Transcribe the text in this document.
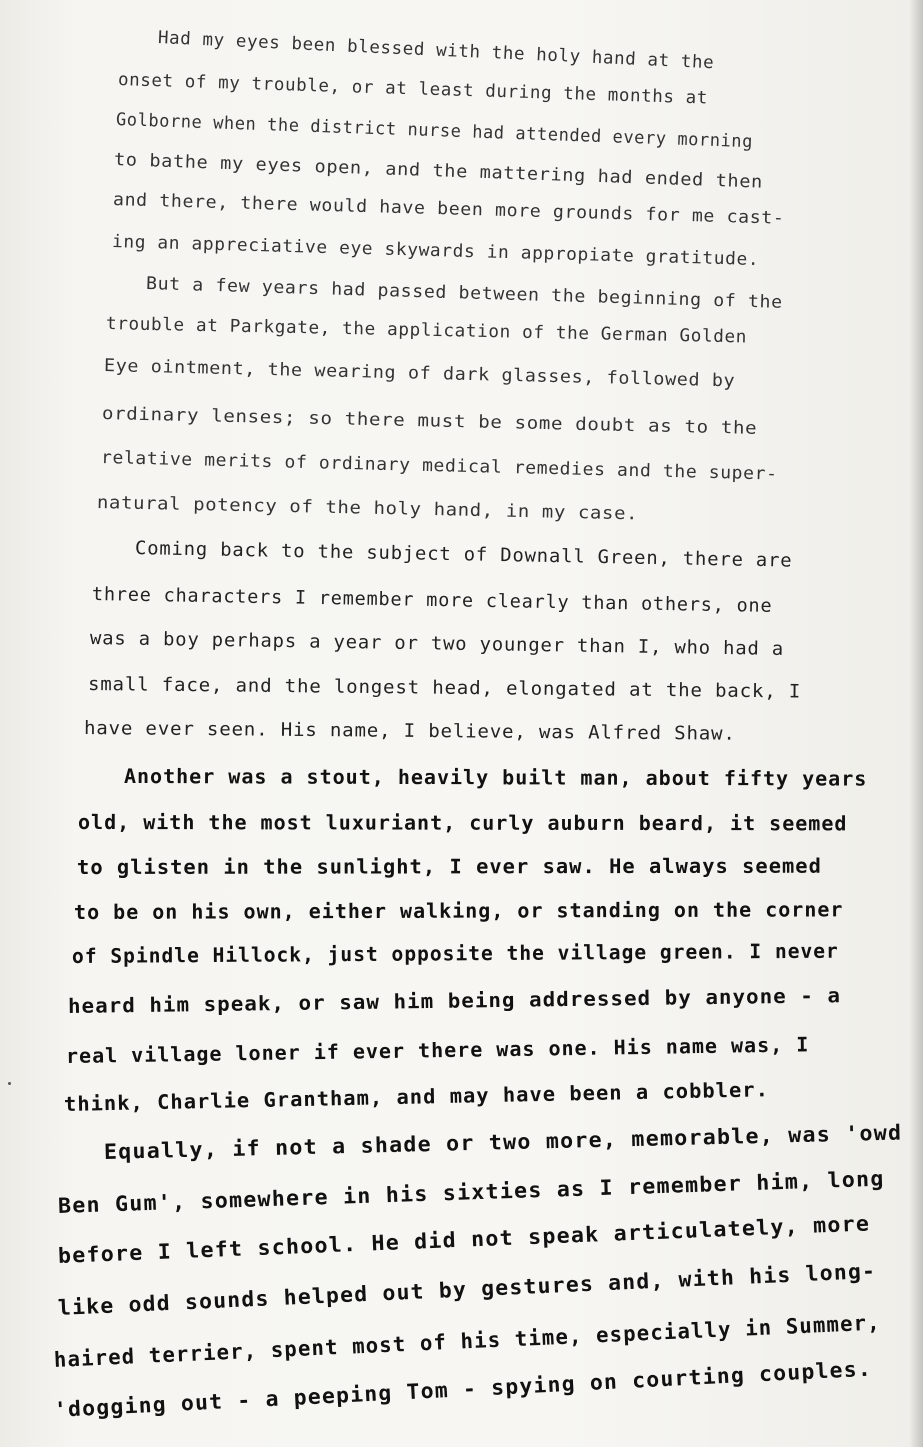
Had my eyes been blessed with the holy hand at the
onset of my trouble, or at least during the months at
Golborne when the district nurse had attended every morning
to bathe my eyes open, and the mattering had ended then
and there, there would have been more grounds for me cast-
ing an appreciative eye skywards in appropiate gratitude.
But a few years had passed between the beginning of the
trouble at Parkgate, the application of the German Golden
Eye ointment, the wearing of dark glasses, followed by
ordinary lenses; so there must be some doubt as to the
relative merits of ordinary medical remedies and the super-
natural potency of the holy hand, in my case.
Coming back to the subject of Downall Green, there are
three characters I remember more clearly than others, one
was a boy perhaps a year or two younger than I, who had a
small face, and the longest head, elongated at the back, I
have ever seen. His name, I believe, was Alfred Shaw.
Another was a stout, heavily built man, about fifty years
old, with the most luxuriant, curly auburn beard, it seemed
to glisten in the sunlight, I ever saw. He always seemed
to be on his own, either walking, or standing on the corner
of Spindle Hillock, just opposite the village green. I never
heard him speak, or saw him being addressed by anyone - a
real village loner if ever there was one. His name was, I
think, Charlie Grantham, and may have been a cobbler.
Equally, if not a shade or two more, memorable, was 'owd
Ben Gum', somewhere in his sixties as I remember him, long
before I left school. He did not speak articulately, more
like odd sounds helped out by gestures and, with his long-
haired terrier, spent most of his time, especially in Summer,
'dogging out - a peeping Tom - spying on courting couples.
